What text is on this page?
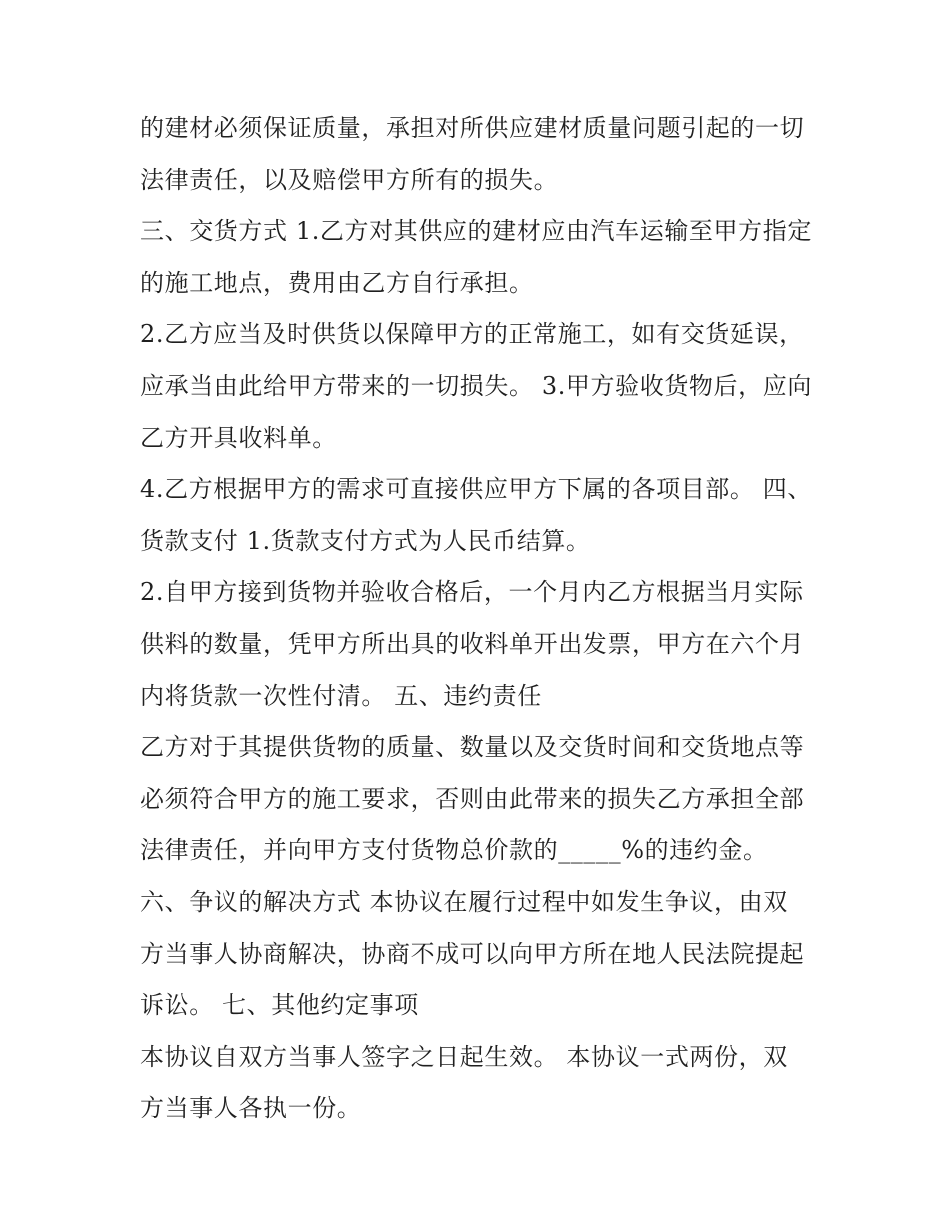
的建材必须保证质量，承担对所供应建材质量问题引起的一切
法律责任，以及赔偿甲方所有的损失。
三、交货方式 1.乙方对其供应的建材应由汽车运输至甲方指定
的施工地点，费用由乙方自行承担。
2.乙方应当及时供货以保障甲方的正常施工，如有交货延误，
应承当由此给甲方带来的一切损失。 3.甲方验收货物后，应向
乙方开具收料单。
4.乙方根据甲方的需求可直接供应甲方下属的各项目部。 四、
货款支付 1.货款支付方式为人民币结算。
2.自甲方接到货物并验收合格后，一个月内乙方根据当月实际
供料的数量，凭甲方所出具的收料单开出发票，甲方在六个月
内将货款一次性付清。 五、违约责任
乙方对于其提供货物的质量、数量以及交货时间和交货地点等
必须符合甲方的施工要求，否则由此带来的损失乙方承担全部
法律责任，并向甲方支付货物总价款的_____%的违约金。
六、争议的解决方式 本协议在履行过程中如发生争议，由双
方当事人协商解决，协商不成可以向甲方所在地人民法院提起
诉讼。 七、其他约定事项
本协议自双方当事人签字之日起生效。 本协议一式两份，双
方当事人各执一份。
